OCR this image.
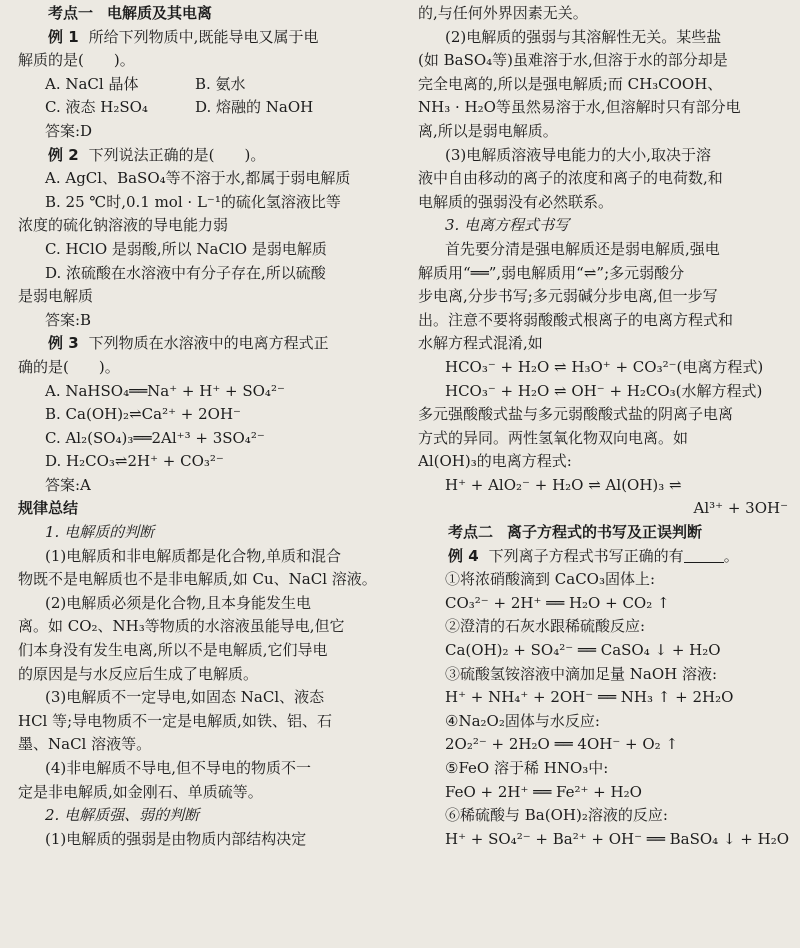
考点一 电解质及其电离
例 1 所给下列物质中,既能导电又属于电
解质的是(　　)。
A. NaCl 晶体	B. 氨水
C. 液态 H₂SO₄	D. 熔融的 NaOH
答案:D
例 2 下列说法正确的是(　　)。
A. AgCl、BaSO₄等不溶于水,都属于弱电解质
B. 25 ℃时,0.1 mol · L⁻¹的硫化氢溶液比等
浓度的硫化钠溶液的导电能力弱
C. HClO 是弱酸,所以 NaClO 是弱电解质
D. 浓硫酸在水溶液中有分子存在,所以硫酸
是弱电解质
答案:B
例 3 下列物质在水溶液中的电离方程式正
确的是(　　)。
A. NaHSO₄══Na⁺ + H⁺ + SO₄²⁻
B. Ca(OH)₂⇌Ca²⁺ + 2OH⁻
C. Al₂(SO₄)₃══2Al⁺³ + 3SO₄²⁻
D. H₂CO₃⇌2H⁺ + CO₃²⁻
答案:A
规律总结
1. 电解质的判断
(1)电解质和非电解质都是化合物,单质和混合
物既不是电解质也不是非电解质,如 Cu、NaCl 溶液。
(2)电解质必须是化合物,且本身能发生电
离。如 CO₂、NH₃等物质的水溶液虽能导电,但它
们本身没有发生电离,所以不是电解质,它们导电
的原因是与水反应后生成了电解质。
(3)电解质不一定导电,如固态 NaCl、液态
HCl 等;导电物质不一定是电解质,如铁、铝、石
墨、NaCl 溶液等。
(4)非电解质不导电,但不导电的物质不一
定是非电解质,如金刚石、单质硫等。
2. 电解质强、弱的判断
(1)电解质的强弱是由物质内部结构决定
的,与任何外界因素无关。
(2)电解质的强弱与其溶解性无关。某些盐
(如 BaSO₄等)虽难溶于水,但溶于水的部分却是
完全电离的,所以是强电解质;而 CH₃COOH、
NH₃ · H₂O等虽然易溶于水,但溶解时只有部分电
离,所以是弱电解质。
(3)电解质溶液导电能力的大小,取决于溶
液中自由移动的离子的浓度和离子的电荷数,和
电解质的强弱没有必然联系。
3. 电离方程式书写
首先要分清是强电解质还是弱电解质,强电
解质用“══”,弱电解质用“⇌”;多元弱酸分
步电离,分步书写;多元弱碱分步电离,但一步写
出。注意不要将弱酸酸式根离子的电离方程式和
水解方程式混淆,如
HCO₃⁻ + H₂O ⇌ H₃O⁺ + CO₃²⁻(电离方程式)
HCO₃⁻ + H₂O ⇌ OH⁻ + H₂CO₃(水解方程式)
多元强酸酸式盐与多元弱酸酸式盐的阴离子电离
方式的异同。两性氢氧化物双向电离。如
Al(OH)₃的电离方程式:
H⁺ + AlO₂⁻ + H₂O ⇌ Al(OH)₃ ⇌
Al³⁺ + 3OH⁻
考点二 离子方程式的书写及正误判断
例 4 下列离子方程式书写正确的有	。
①将浓硝酸滴到 CaCO₃固体上:
CO₃²⁻ + 2H⁺ ══ H₂O + CO₂ ↑
②澄清的石灰水跟稀硫酸反应:
Ca(OH)₂ + SO₄²⁻ ══ CaSO₄ ↓ + H₂O
③硫酸氢铵溶液中滴加足量 NaOH 溶液:
H⁺ + NH₄⁺ + 2OH⁻ ══ NH₃ ↑ + 2H₂O
④Na₂O₂固体与水反应:
2O₂²⁻ + 2H₂O ══ 4OH⁻ + O₂ ↑
⑤FeO 溶于稀 HNO₃中:
FeO + 2H⁺ ══ Fe²⁺ + H₂O
⑥稀硫酸与 Ba(OH)₂溶液的反应:
H⁺ + SO₄²⁻ + Ba²⁺ + OH⁻ ══ BaSO₄ ↓ + H₂O
